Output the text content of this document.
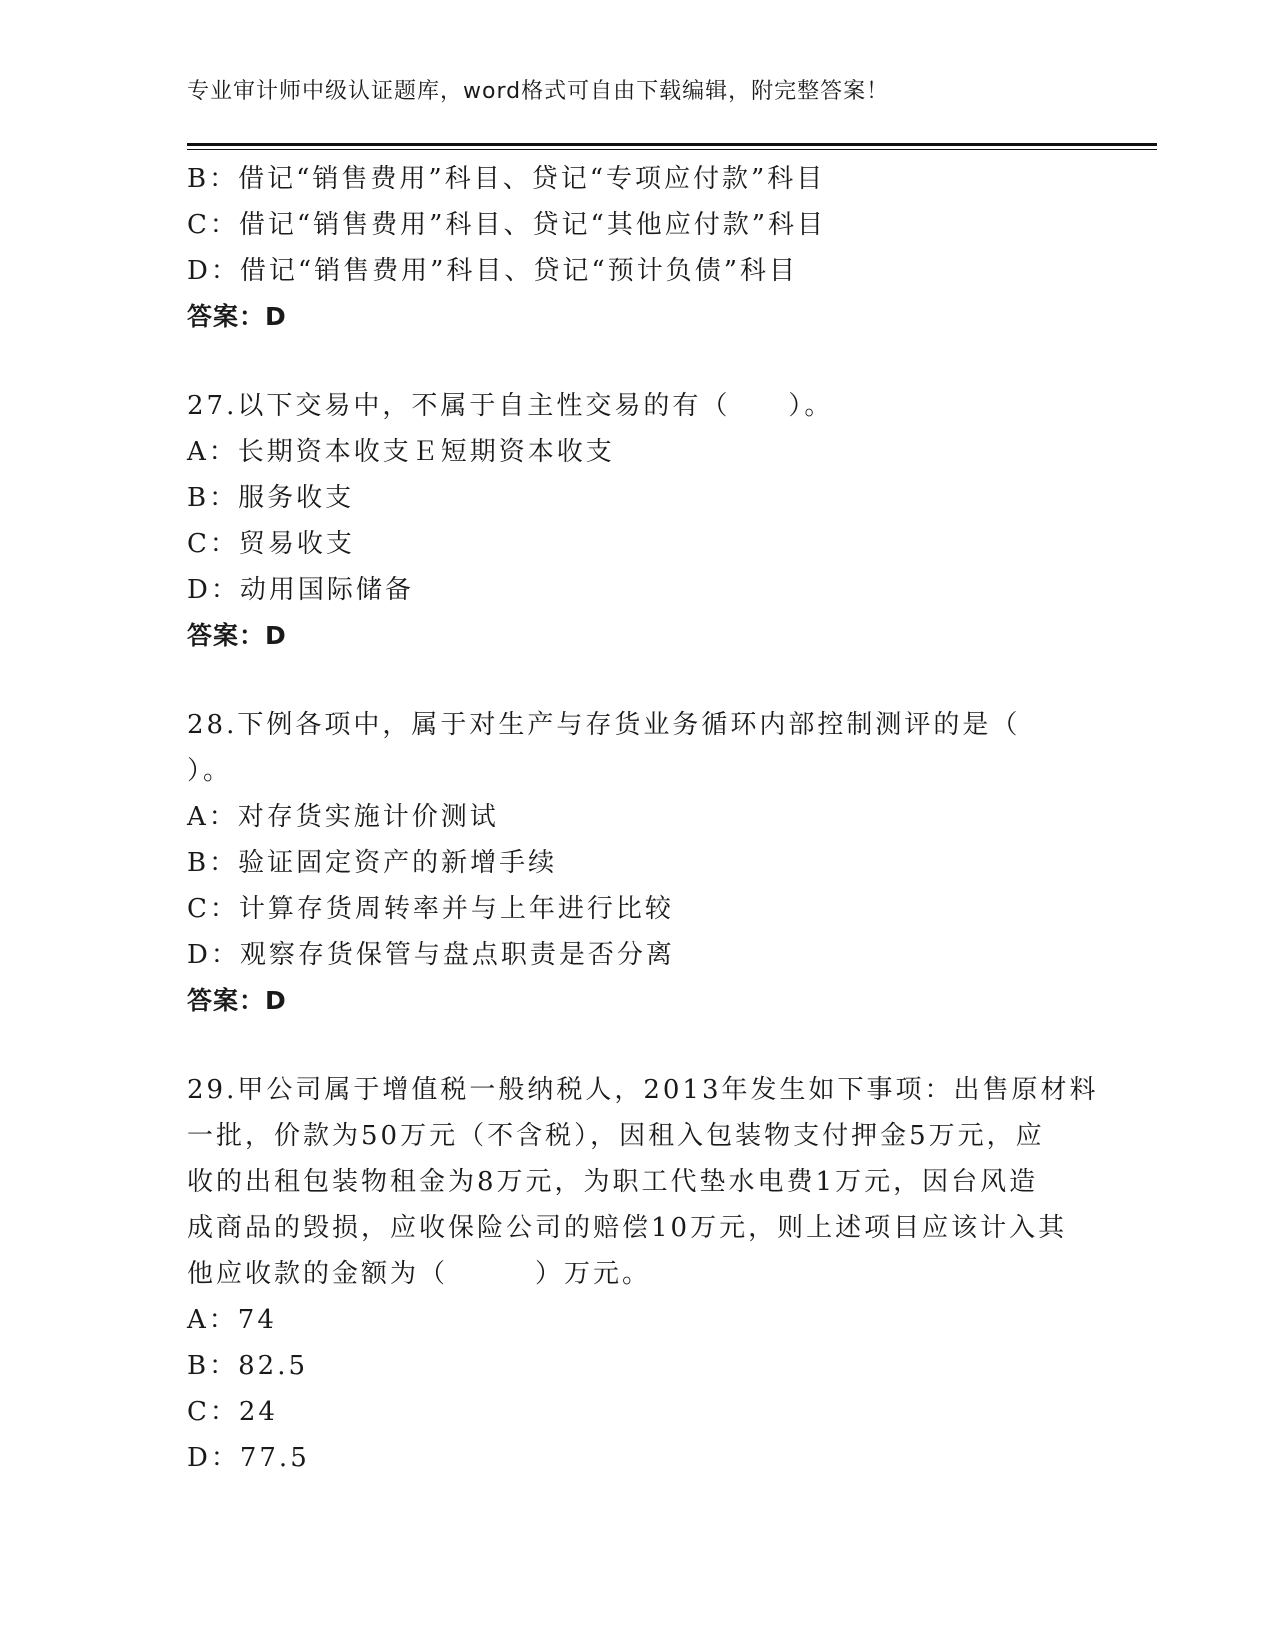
专业审计师中级认证题库，word格式可自由下载编辑，附完整答案！
B：借记“销售费用”科目、贷记“专项应付款”科目
C：借记“销售费用”科目、贷记“其他应付款”科目
D：借记“销售费用”科目、贷记“预计负债”科目
答案：D
27.以下交易中，不属于自主性交易的有（　　）。
A：长期资本收支Ｅ短期资本收支
B：服务收支
C：贸易收支
D：动用国际储备
答案：D
28.下例各项中，属于对生产与存货业务循环内部控制测评的是（
）。
A：对存货实施计价测试
B：验证固定资产的新增手续
C：计算存货周转率并与上年进行比较
D：观察存货保管与盘点职责是否分离
答案：D
29.甲公司属于增值税一般纳税人，2013年发生如下事项：出售原材料
一批，价款为50万元（不含税），因租入包装物支付押金5万元，应
收的出租包装物租金为8万元，为职工代垫水电费1万元，因台风造
成商品的毁损，应收保险公司的赔偿10万元，则上述项目应该计入其
他应收款的金额为（　　　）万元。
A：74
B：82.5
C：24
D：77.5
